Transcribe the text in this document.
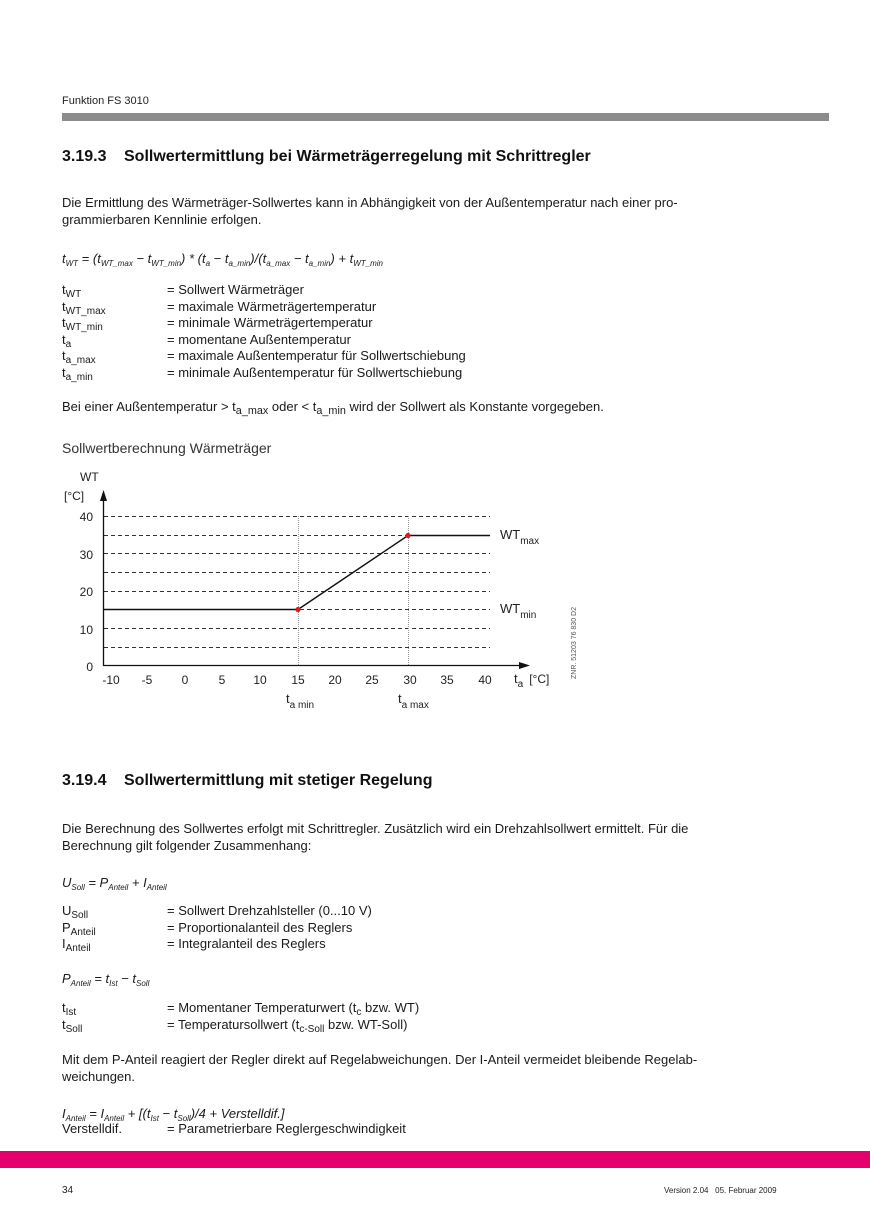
Funktion FS 3010
3.19.3 Sollwertermittlung bei Wärmeträgerregelung mit Schrittregler
Die Ermittlung des Wärmeträger-Sollwertes kann in Abhängigkeit von der Außentemperatur nach einer pro-
grammierbaren Kennlinie erfolgen.
$t_{WT} = (t_{WT\_max} - t_{WT\_min}) * (t_a - t_{a\_min})/(t_{a\_max} - t_{a\_min}) + t_{WT\_min}$
$t_{WT}$	= Sollwert Wärmeträger
$t_{WT\_max}$	= maximale Wärmeträgertemperatur
$t_{WT\_min}$	= minimale Wärmeträgertemperatur
$t_a$	= momentane Außentemperatur
$t_{a\_max}$	= maximale Außentemperatur für Sollwertschiebung
$t_{a\_min}$	= minimale Außentemperatur für Sollwertschiebung
Bei einer Außentemperatur > $t_{a\_max}$ oder < $t_{a\_min}$ wird der Sollwert als Konstante vorgegeben.
Sollwertberechnung Wärmeträger
40
30
20
10
0
WT
[°C]
-10 -5 0	5 10 15 20 25 30 35 40 $t_a$ [°C]
$WT_{max}$
$WT_{min}$
$t_{a min}$	$t_{a max}$
ZNR. 51203 76 830 D2
3.19.4 Sollwertermittlung mit stetiger Regelung
Die Berechnung des Sollwertes erfolgt mit Schrittregler. Zusätzlich wird ein Drehzahlsollwert ermittelt. Für die
Berechnung gilt folgender Zusammenhang:
$U_{Soll} = P_{Anteil} + I_{Anteil}$
$U_{Soll}$	= Sollwert Drehzahlsteller (0...10 V)
$P_{Anteil}$	= Proportionalanteil des Reglers
$I_{Anteil}$	= Integralanteil des Reglers
$P_{Anteil} = t_{Ist} - t_{Soll}$
$t_{Ist}$	= Momentaner Temperaturwert ($t_c$ bzw. WT)
$t_{Soll}$	= Temperatursollwert ($t_{c-Soll}$ bzw. WT-Soll)
Mit dem P-Anteil reagiert der Regler direkt auf Regelabweichungen. Der I-Anteil vermeidet bleibende Regelab-
weichungen.
$I_{Anteil} = I_{Anteil} + [(t_{Ist} - t_{Soll})/4$ + Verstelldif.]
Verstelldif.	= Parametrierbare Reglergeschwindigkeit
34	Version 2.04   05. Februar 2009
